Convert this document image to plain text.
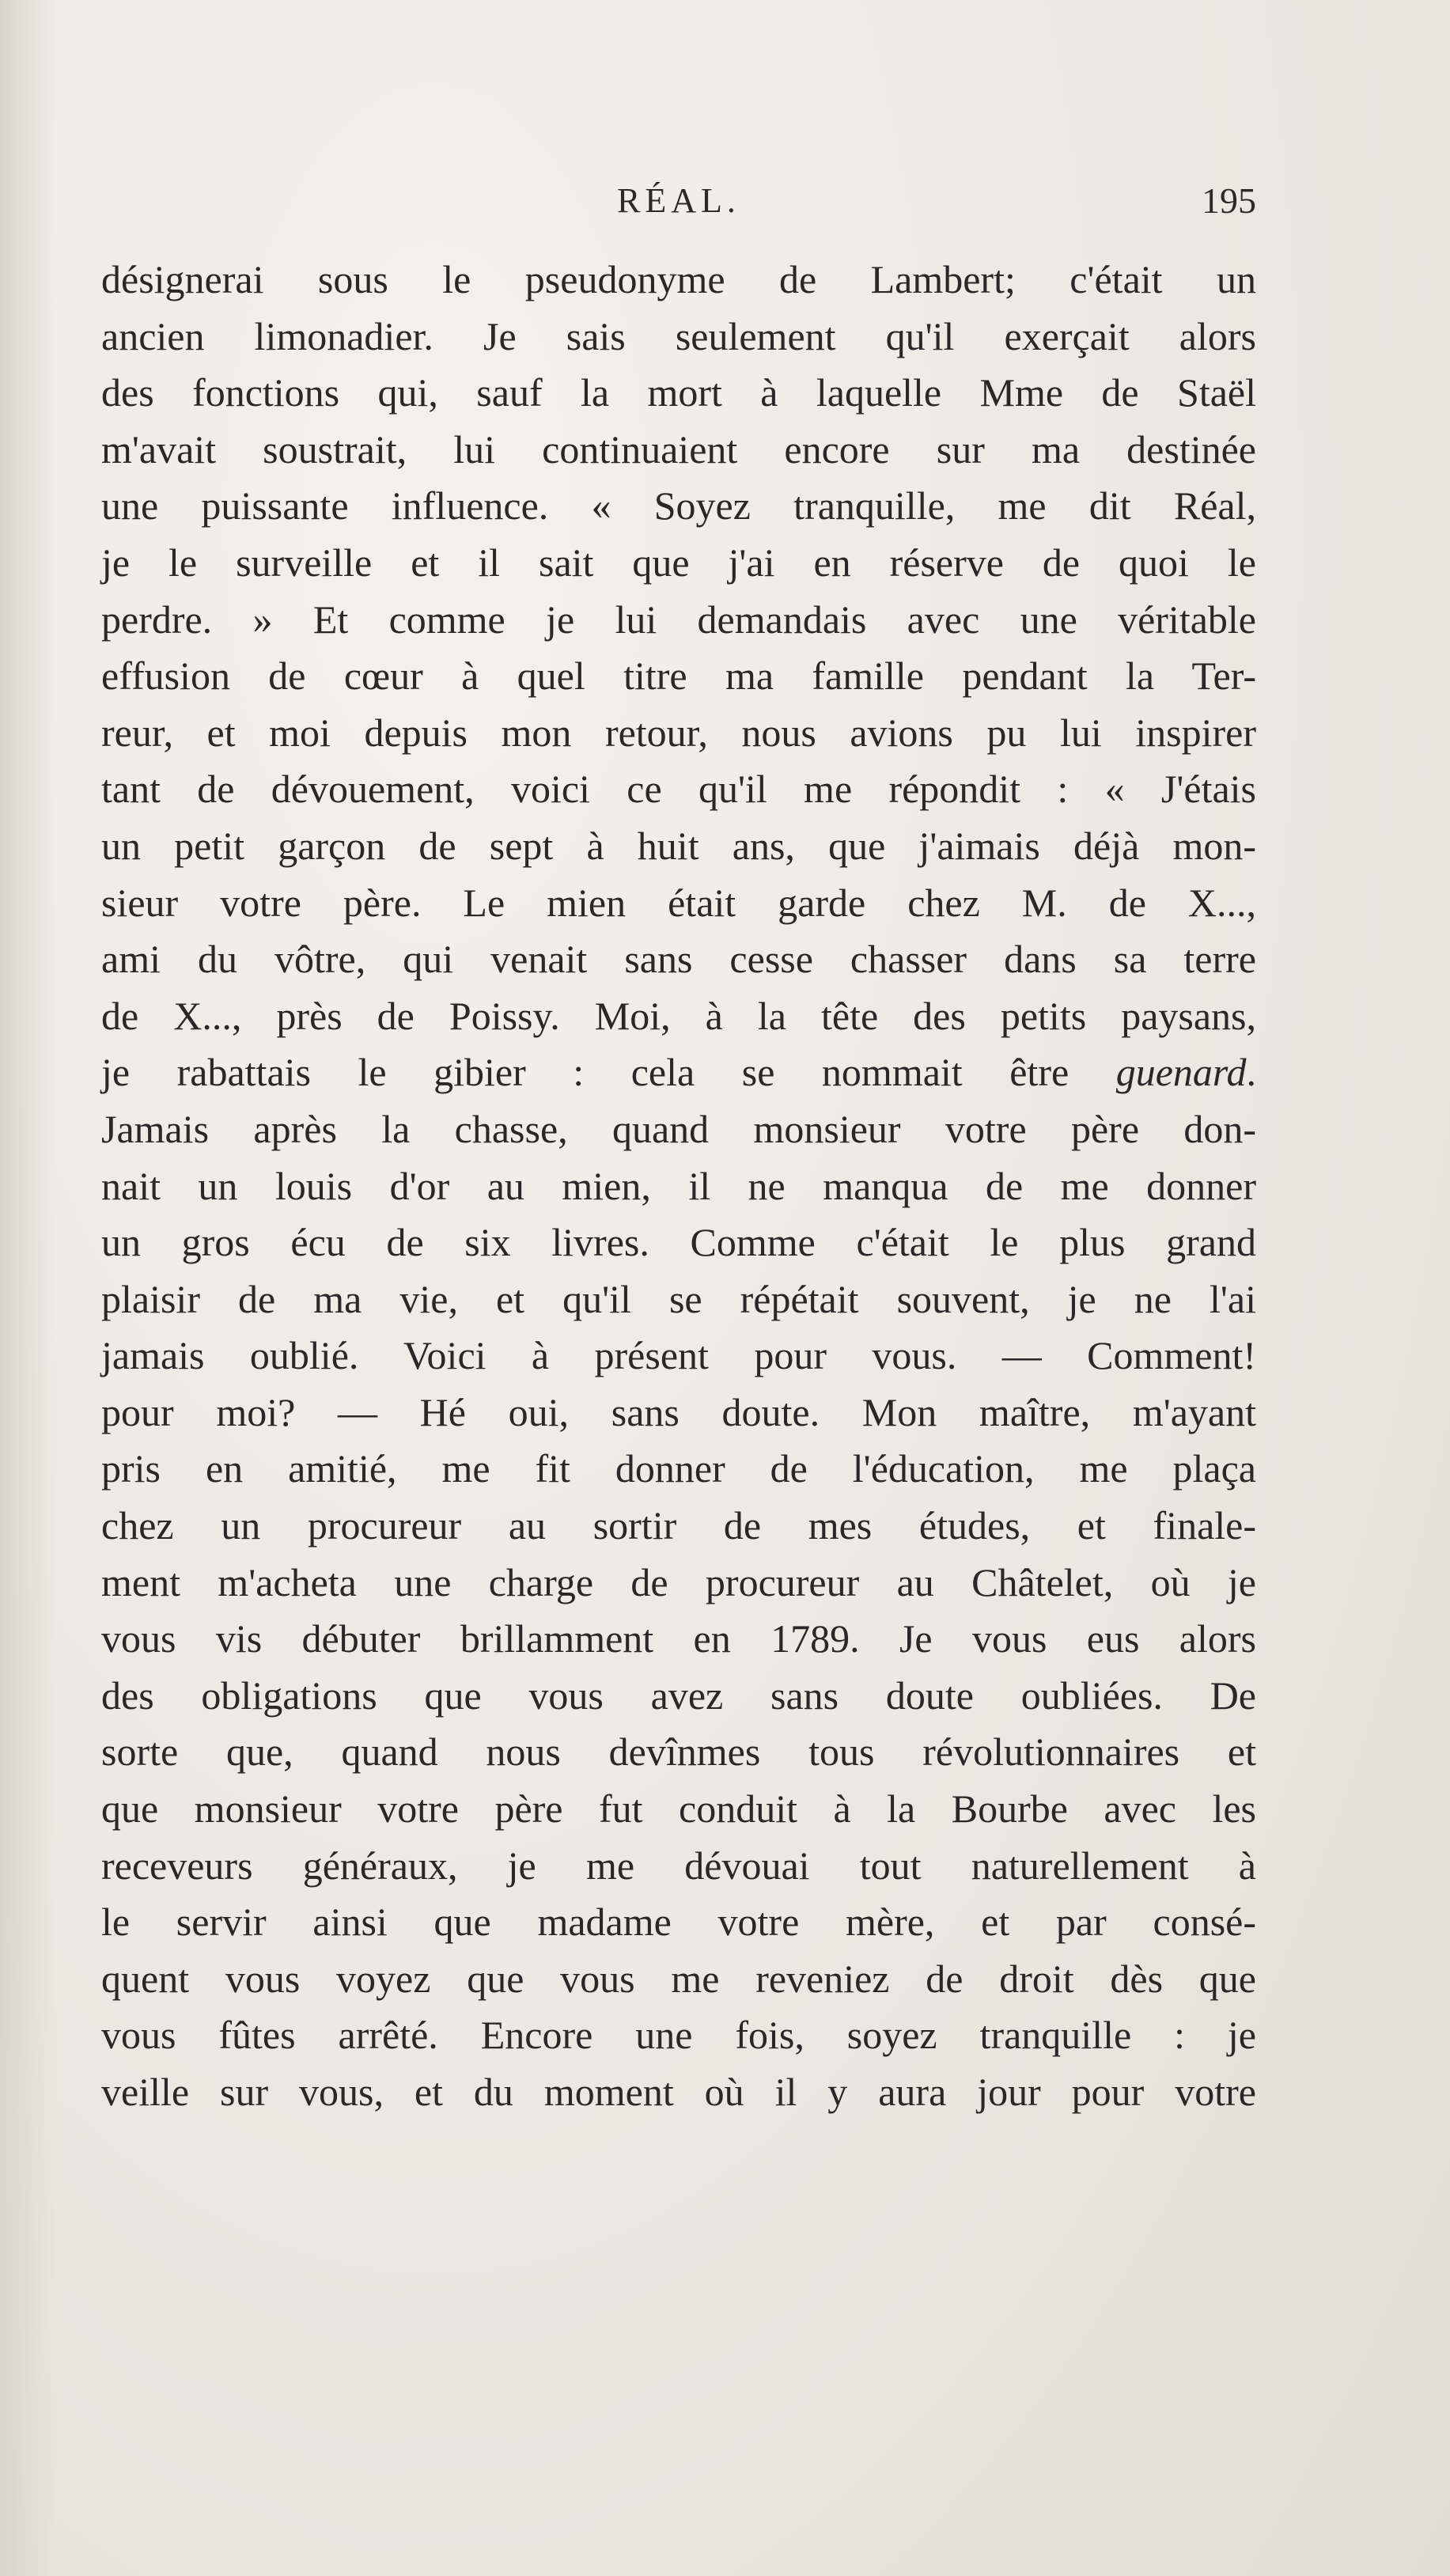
RÉAL.	195
désignerai sous le pseudonyme de Lambert; c'était un
ancien limonadier. Je sais seulement qu'il exerçait alors
des fonctions qui, sauf la mort à laquelle Mme de Staël
m'avait soustrait, lui continuaient encore sur ma destinée
une puissante influence. « Soyez tranquille, me dit Réal,
je le surveille et il sait que j'ai en réserve de quoi le
perdre. » Et comme je lui demandais avec une véritable
effusion de cœur à quel titre ma famille pendant la Ter-
reur, et moi depuis mon retour, nous avions pu lui inspirer
tant de dévouement, voici ce qu'il me répondit : « J'étais
un petit garçon de sept à huit ans, que j'aimais déjà mon-
sieur votre père. Le mien était garde chez M. de X...,
ami du vôtre, qui venait sans cesse chasser dans sa terre
de X..., près de Poissy. Moi, à la tête des petits paysans,
je rabattais le gibier : cela se nommait être guenard.
Jamais après la chasse, quand monsieur votre père don-
nait un louis d'or au mien, il ne manqua de me donner
un gros écu de six livres. Comme c'était le plus grand
plaisir de ma vie, et qu'il se répétait souvent, je ne l'ai
jamais oublié. Voici à présent pour vous. — Comment!
pour moi? — Hé oui, sans doute. Mon maître, m'ayant
pris en amitié, me fit donner de l'éducation, me plaça
chez un procureur au sortir de mes études, et finale-
ment m'acheta une charge de procureur au Châtelet, où je
vous vis débuter brillamment en 1789. Je vous eus alors
des obligations que vous avez sans doute oubliées. De
sorte que, quand nous devînmes tous révolutionnaires et
que monsieur votre père fut conduit à la Bourbe avec les
receveurs généraux, je me dévouai tout naturellement à
le servir ainsi que madame votre mère, et par consé-
quent vous voyez que vous me reveniez de droit dès que
vous fûtes arrêté. Encore une fois, soyez tranquille : je
veille sur vous, et du moment où il y aura jour pour votre
